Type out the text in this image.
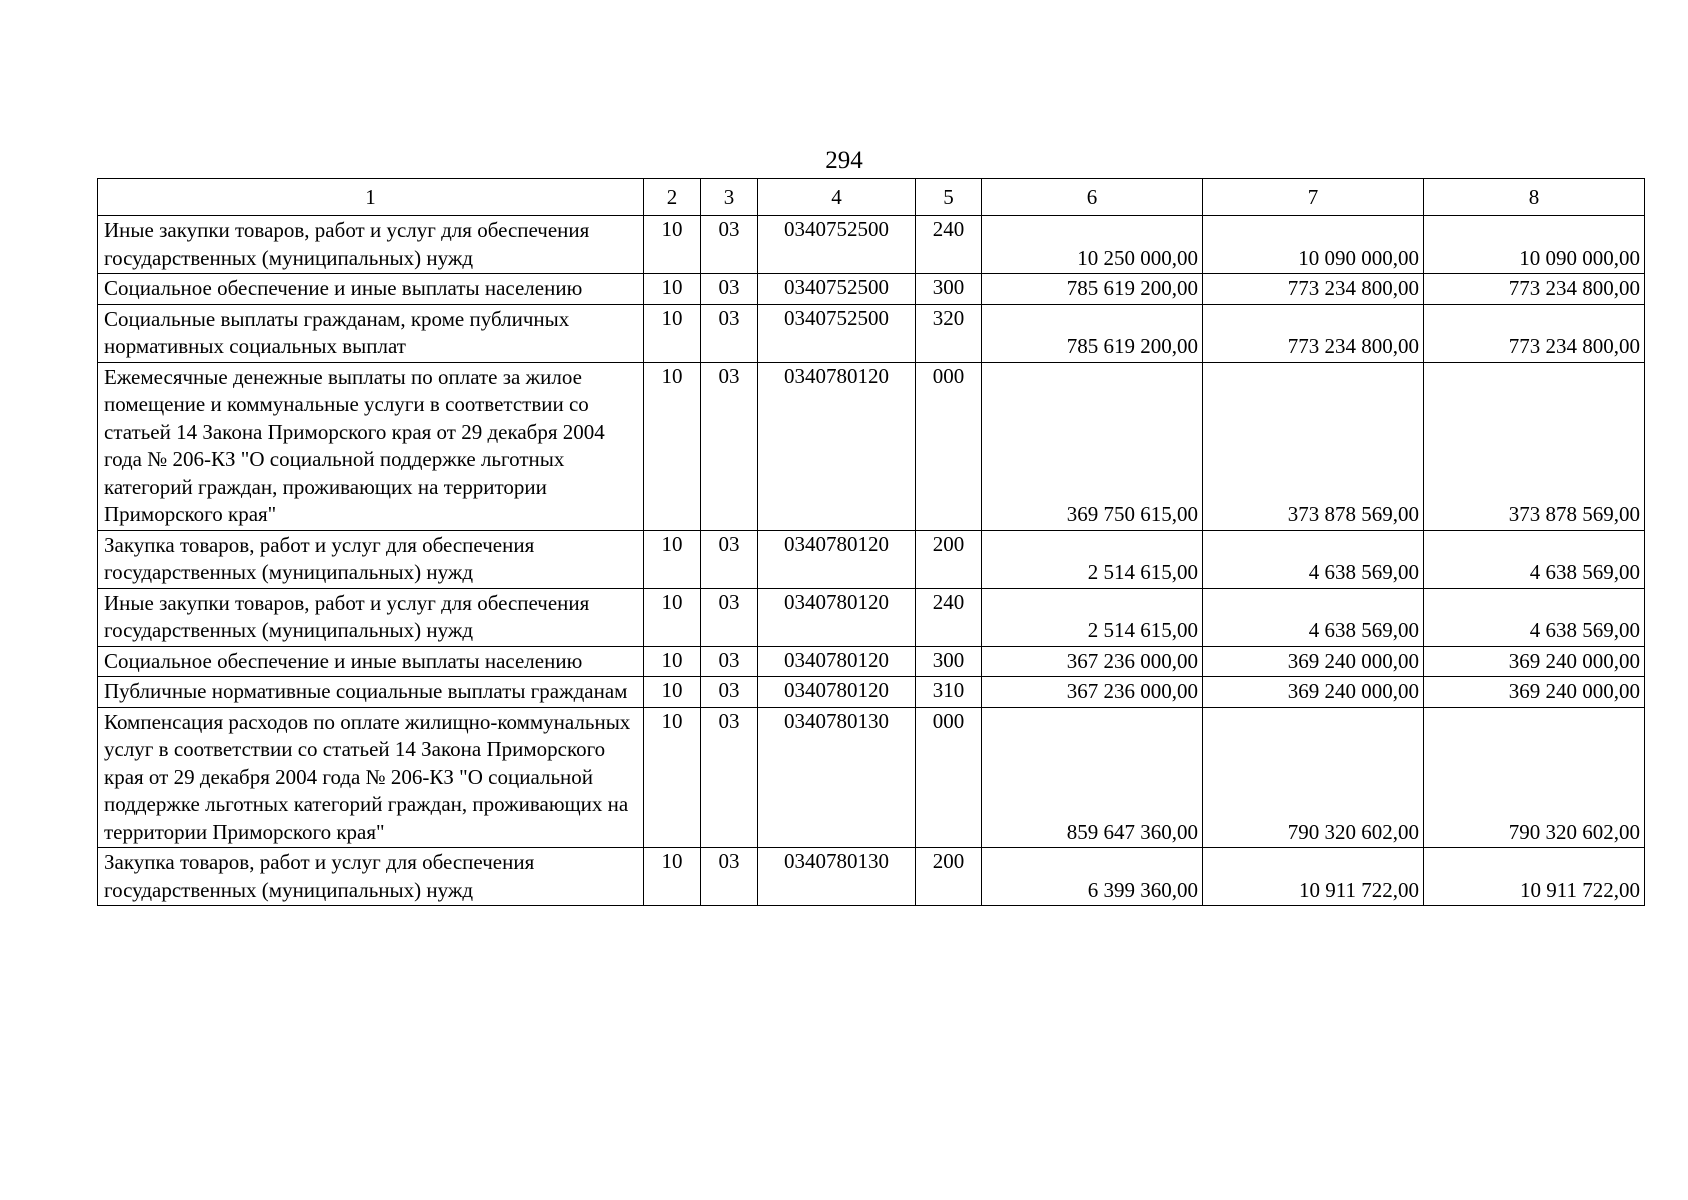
294
1	2	3	4	5	6	7	8
Иные закупки товаров, работ и услуг для обеспечения государственных (муниципальных) нужд	10	03	0340752500	240	10 250 000,00	10 090 000,00	10 090 000,00
Социальное обеспечение и иные выплаты населению	10	03	0340752500	300	785 619 200,00	773 234 800,00	773 234 800,00
Социальные выплаты гражданам, кроме публичных нормативных социальных выплат	10	03	0340752500	320	785 619 200,00	773 234 800,00	773 234 800,00
Ежемесячные денежные выплаты по оплате за жилое помещение и коммунальные услуги в соответствии со статьей 14 Закона Приморского края от 29 декабря 2004 года № 206-КЗ "О социальной поддержке льготных категорий граждан, проживающих на территории Приморского края"	10	03	0340780120	000	369 750 615,00	373 878 569,00	373 878 569,00
Закупка товаров, работ и услуг для обеспечения государственных (муниципальных) нужд	10	03	0340780120	200	2 514 615,00	4 638 569,00	4 638 569,00
Иные закупки товаров, работ и услуг для обеспечения государственных (муниципальных) нужд	10	03	0340780120	240	2 514 615,00	4 638 569,00	4 638 569,00
Социальное обеспечение и иные выплаты населению	10	03	0340780120	300	367 236 000,00	369 240 000,00	369 240 000,00
Публичные нормативные социальные выплаты гражданам	10	03	0340780120	310	367 236 000,00	369 240 000,00	369 240 000,00
Компенсация расходов по оплате жилищно-коммунальных услуг в соответствии со статьей 14 Закона Приморского края от 29 декабря 2004 года № 206-КЗ "О социальной поддержке льготных категорий граждан, проживающих на территории Приморского края"	10	03	0340780130	000	859 647 360,00	790 320 602,00	790 320 602,00
Закупка товаров, работ и услуг для обеспечения государственных (муниципальных) нужд	10	03	0340780130	200	6 399 360,00	10 911 722,00	10 911 722,00
